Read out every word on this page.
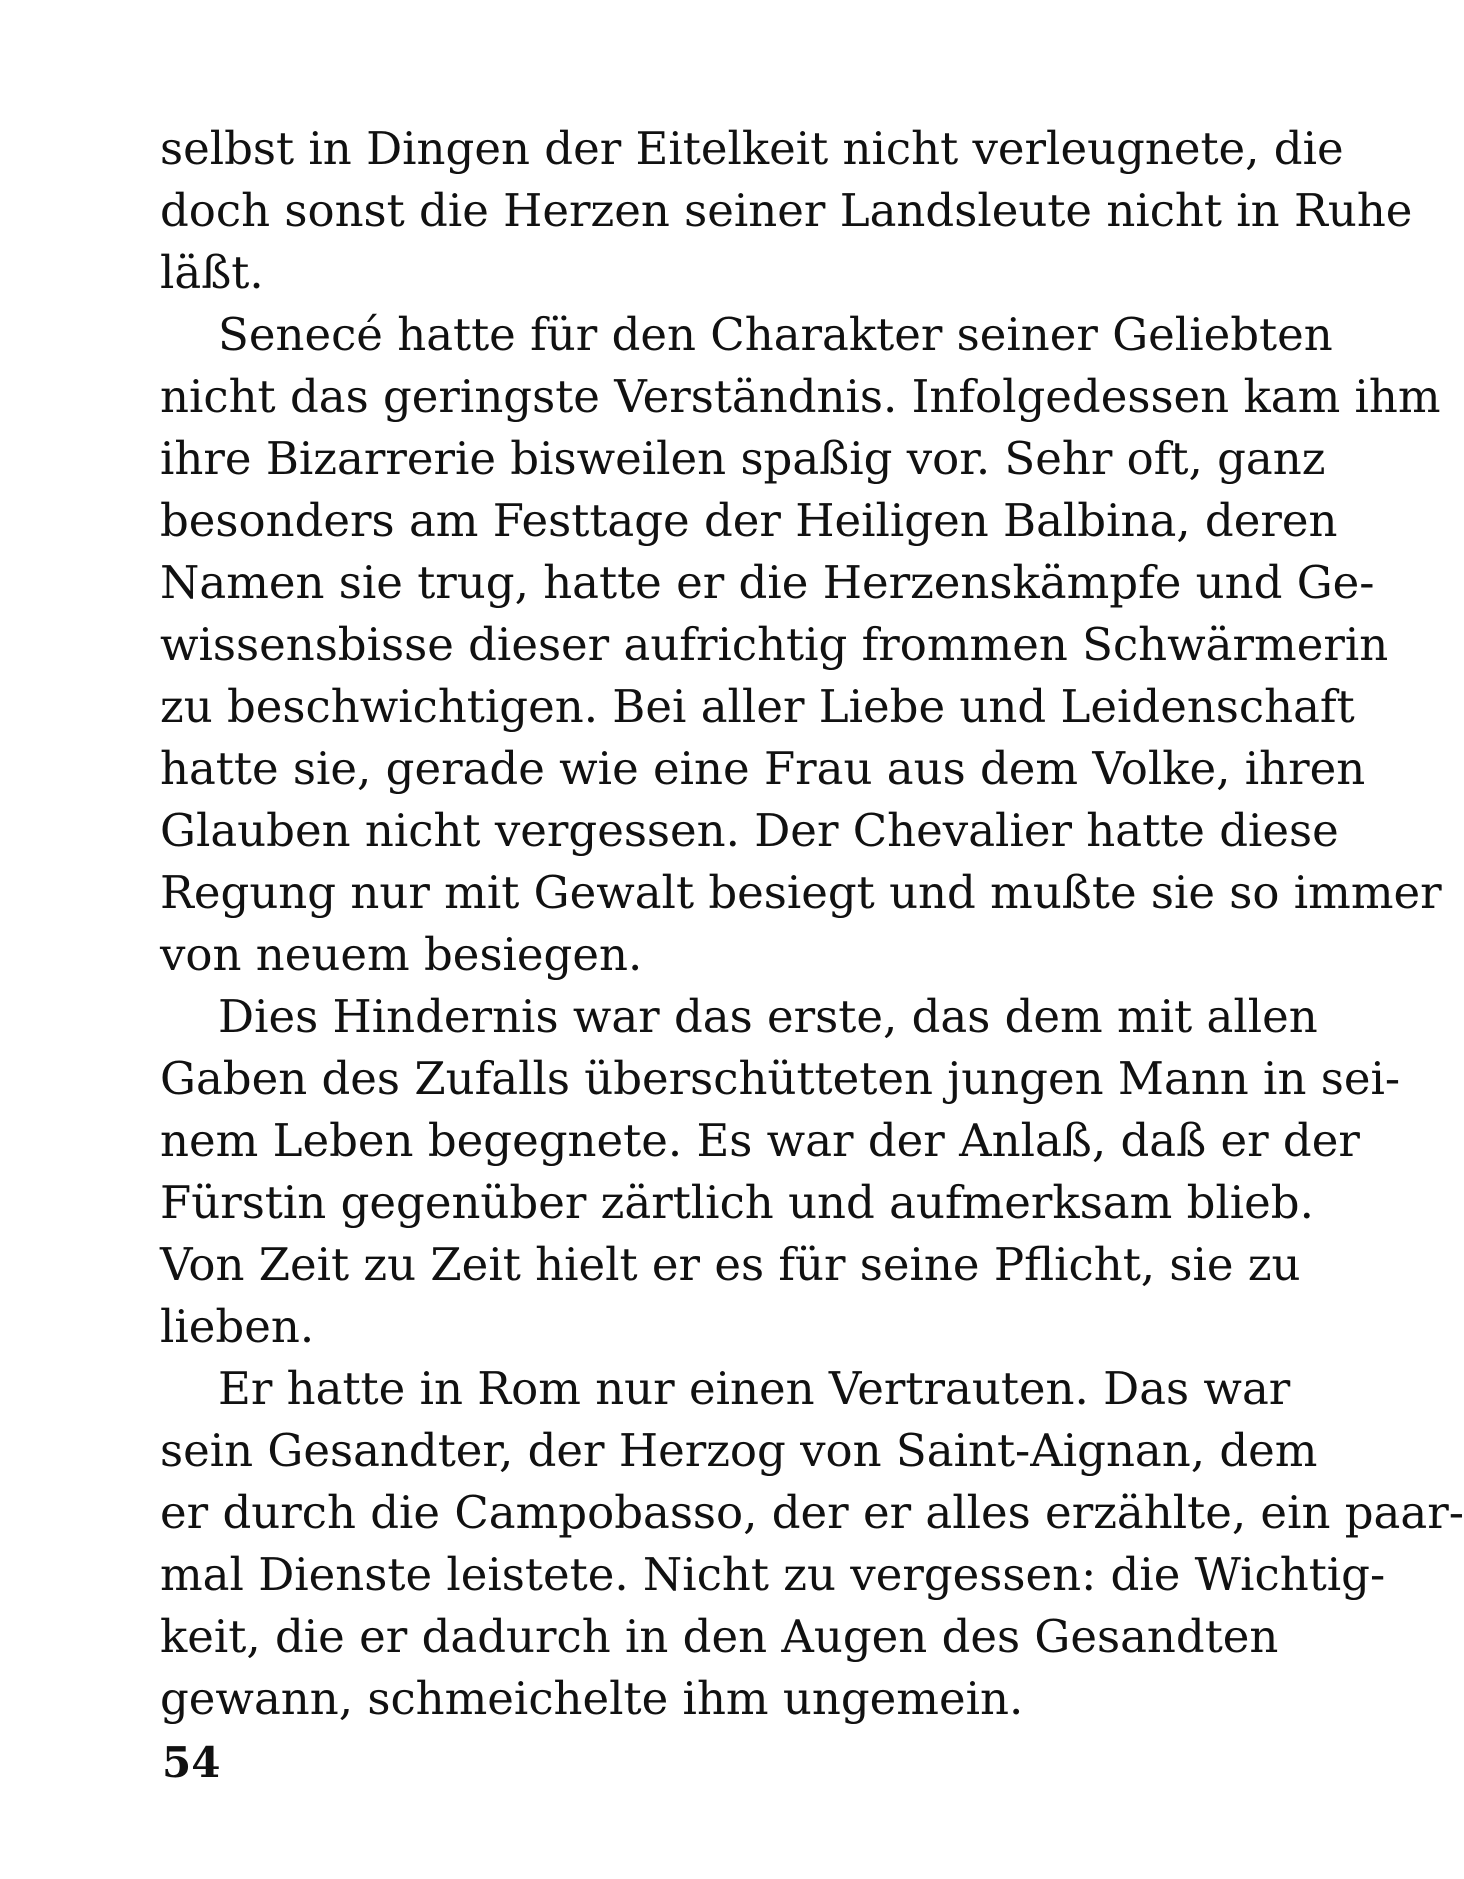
selbst in Dingen der Eitelkeit nicht verleugnete, die
doch sonst die Herzen seiner Landsleute nicht in Ruhe
läßt.
Senecé hatte für den Charakter seiner Geliebten
nicht das geringste Verständnis. Infolgedessen kam ihm
ihre Bizarrerie bisweilen spaßig vor. Sehr oft, ganz
besonders am Festtage der Heiligen Balbina, deren
Namen sie trug, hatte er die Herzenskämpfe und Ge-
wissensbisse dieser aufrichtig frommen Schwärmerin
zu beschwichtigen. Bei aller Liebe und Leidenschaft
hatte sie, gerade wie eine Frau aus dem Volke, ihren
Glauben nicht vergessen. Der Chevalier hatte diese
Regung nur mit Gewalt besiegt und mußte sie so immer
von neuem besiegen.
Dies Hindernis war das erste, das dem mit allen
Gaben des Zufalls überschütteten jungen Mann in sei-
nem Leben begegnete. Es war der Anlaß, daß er der
Fürstin gegenüber zärtlich und aufmerksam blieb.
Von Zeit zu Zeit hielt er es für seine Pflicht, sie zu
lieben.
Er hatte in Rom nur einen Vertrauten. Das war
sein Gesandter, der Herzog von Saint-Aignan, dem
er durch die Campobasso, der er alles erzählte, ein paar-
mal Dienste leistete. Nicht zu vergessen: die Wichtig-
keit, die er dadurch in den Augen des Gesandten
gewann, schmeichelte ihm ungemein.
54
